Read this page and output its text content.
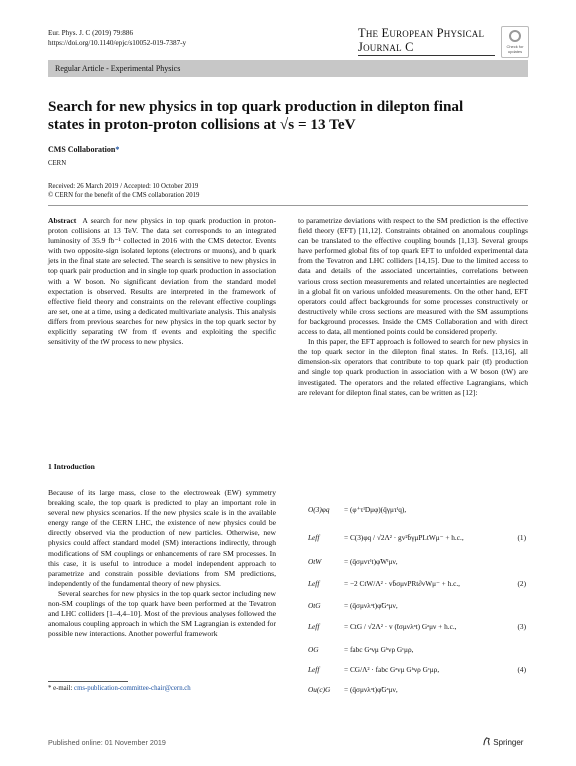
Eur. Phys. J. C (2019) 79:886
https://doi.org/10.1140/epjc/s10052-019-7387-y
The European Physical Journal C	Check for updates
Regular Article - Experimental Physics
Search for new physics in top quark production in dilepton final states in proton-proton collisions at √s = 13 TeV
CMS Collaboration*
CERN
Received: 26 March 2019 / Accepted: 10 October 2019
© CERN for the benefit of the CMS collaboration 2019

Abstract A search for new physics in top quark production in proton-proton collisions at 13 TeV. The data set corresponds to an integrated luminosity of 35.9 fb⁻¹ collected in 2016 with the CMS detector. Events with two opposite-sign isolated leptons (electrons or muons), and b quark jets in the final state are selected. The search is sensitive to new physics in top quark pair production and in single top quark production in association with a W boson. No significant deviation from the standard model expectation is observed. Results are interpreted in the framework of effective field theory and constraints on the relevant effective couplings are set, one at a time, using a dedicated multivariate analysis. This analysis differs from previous searches for new physics in the top quark sector by explicitly separating tW from tt̄ events and exploiting the specific sensitivity of the tW process to new physics.

1 Introduction

Because of its large mass, close to the electroweak (EW) symmetry breaking scale, the top quark is predicted to play an important role in several new physics scenarios. If the new physics scale is in the available energy range of the CERN LHC, the existence of new physics could be directly observed via the production of new particles. Otherwise, new physics could affect standard model (SM) interactions indirectly, through modifications of SM couplings or enhancements of rare SM processes. In this case, it is useful to introduce a model independent approach to parametrize and constrain possible deviations from SM predictions, independently of the fundamental theory of new physics.

Several searches for new physics in the top quark sector including new non-SM couplings of the top quark have been performed at the Tevatron and LHC colliders [1–4,4–10]. Most of the previous analyses followed the anomalous coupling approach in which the SM Lagrangian is extended for possible new interactions. Another powerful framework

to parametrize deviations with respect to the SM prediction is the effective field theory (EFT) [11,12]. Constraints obtained on anomalous couplings can be translated to the effective coupling bounds [1,13]. Several groups have performed global fits of top quark EFT to unfolded experimental data from the Tevatron and LHC colliders [14,15]. Due to the limited access to data and details of the associated uncertainties, correlations between various cross section measurements and related uncertainties are neglected in a global fit on various unfolded measurements. On the other hand, EFT operators could affect backgrounds for some processes constructively or destructively while cross sections are measured with the SM assumptions for background processes. Inside the CMS Collaboration and with direct access to data, all mentioned points could be considered properly.

In this paper, the EFT approach is followed to search for new physics in the top quark sector in the dilepton final states. In Refs. [13,16], all dimension-six operators that contribute to top quark pair (tt̄) production and single top quark production in association with a W boson (tW) are investigated. The operators and the related effective Lagrangians, which are relevant for dilepton final states, can be written as [12]:

O(3)φq = (φ⁺τᴵDμφ)(q̄γμτᴵq),
Leff	= C(3)φq / √2Λ² · gv²b̄γμPLtWμ⁻ + h.c.,	(1)
OtW	= (q̄σμντᴵt)φ̃Wᴵμν,
Leff	= −2 CtW/Λ² · vb̄σμνPRt∂νWμ⁻ + h.c.,	(2)
OtG	= (q̄σμνλᵃt)φ̃Gᵃμν,
Leff	= CtG / √2Λ² · v (t̄σμνλᵃt) Gᵃμν + h.c.,	(3)
OG	= fabc Gᵃνμ Gᵇνρ Gᶜμρ,
Leff	= CG/Λ² · fabc Gᵃνμ Gᵇνρ Gᶜμρ,	(4)
Ou(c)G = (q̄σμνλᵃt)φ̃Gᵃμν,
* e-mail: cms-publication-committee-chair@cern.ch
Published online: 01 November 2019	Springer
